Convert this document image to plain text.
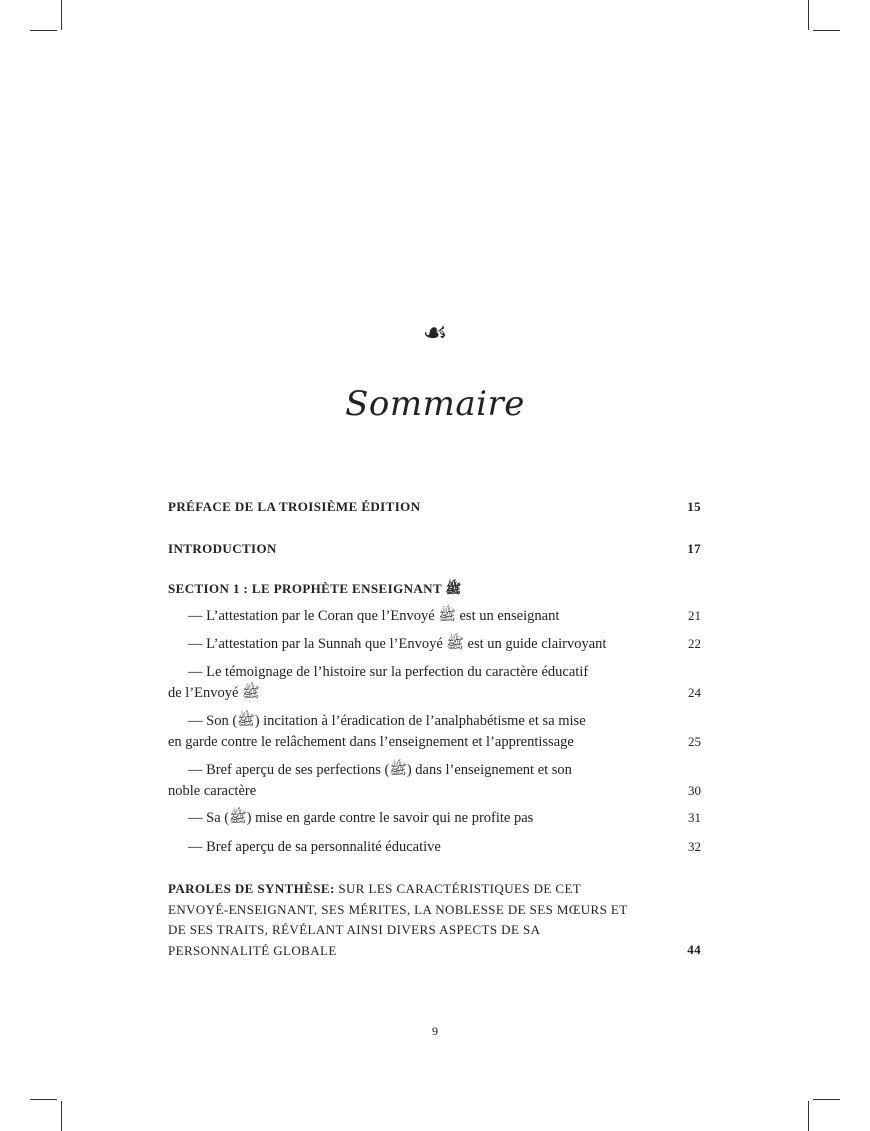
☙
Sommaire
PRÉFACE DE LA TROISIÈME ÉDITION	15
INTRODUCTION	17
SECTION 1 : LE PROPHÈTE ENSEIGNANT ﷺ
— L’attestation par le Coran que l’Envoyé ﷺ est un enseignant	21
— L’attestation par la Sunnah que l’Envoyé ﷺ est un guide clairvoyant	22
— Le témoignage de l’histoire sur la perfection du caractère éducatif
de l’Envoyé ﷺ	24
— Son (ﷺ) incitation à l’éradication de l’analphabétisme et sa mise
en garde contre le relâchement dans l’enseignement et l’apprentissage	25
— Bref aperçu de ses perfections (ﷺ) dans l’enseignement et son
noble caractère	30
— Sa (ﷺ) mise en garde contre le savoir qui ne profite pas	31
— Bref aperçu de sa personnalité éducative	32
PAROLES DE SYNTHÈSE: SUR LES CARACTÉRISTIQUES DE CET ENVOYÉ-ENSEIGNANT, SES MÉRITES, LA NOBLESSE DE SES MŒURS ET DE SES TRAITS, RÉVÉLANT AINSI DIVERS ASPECTS DE SA PERSONNALITÉ GLOBALE	44
9
